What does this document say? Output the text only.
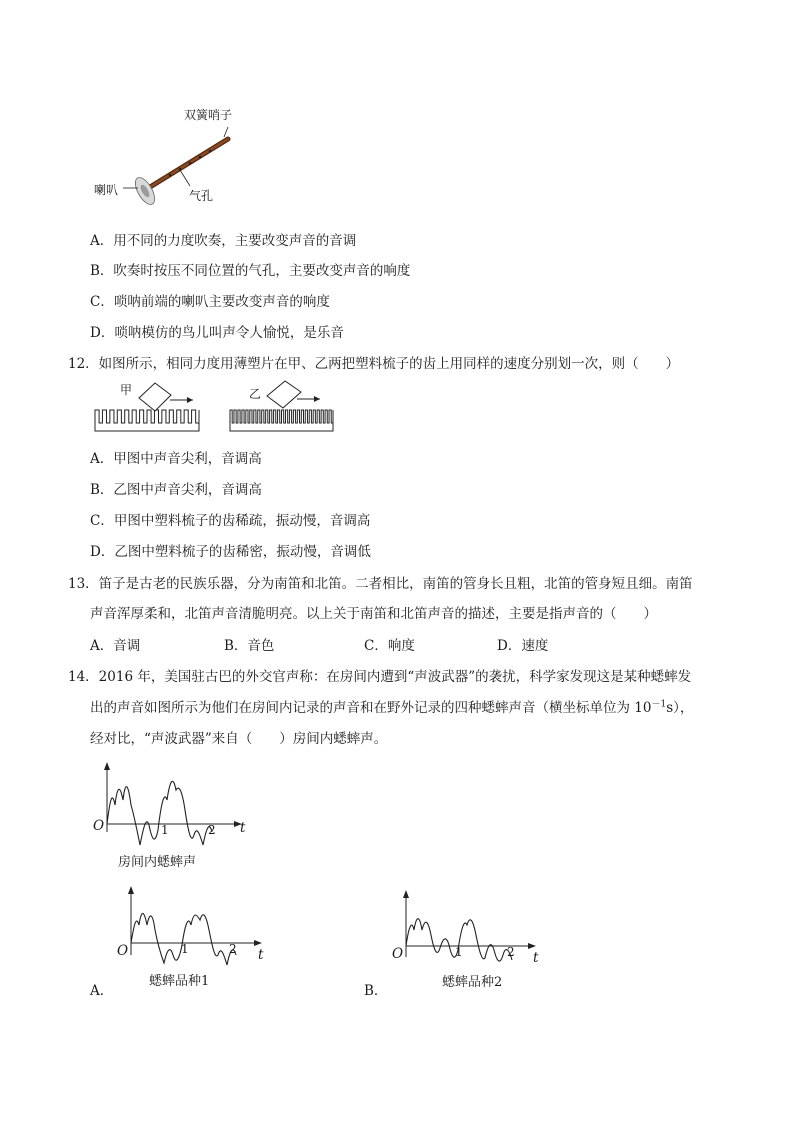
双簧哨子
喇叭	气孔
A．用不同的力度吹奏，主要改变声音的音调
B．吹奏时按压不同位置的气孔，主要改变声音的响度
C．唢呐前端的喇叭主要改变声音的响度
D．唢呐模仿的鸟儿叫声令人愉悦，是乐音
12．如图所示，相同力度用薄塑片在甲、乙两把塑料梳子的齿上用同样的速度分别划一次，则（　　）
甲	乙
A．甲图中声音尖利，音调高
B．乙图中声音尖利，音调高
C．甲图中塑料梳子的齿稀疏，振动慢，音调高
D．乙图中塑料梳子的齿稀密，振动慢，音调低
13．笛子是古老的民族乐器，分为南笛和北笛。二者相比，南笛的管身长且粗，北笛的管身短且细。南笛
声音浑厚柔和，北笛声音清脆明亮。以上关于南笛和北笛声音的描述，主要是指声音的（　　）
A．音调	B．音色	C．响度	D．速度
14．2016 年，美国驻古巴的外交官声称：在房间内遭到“声波武器”的袭扰，科学家发现这是某种蟋蟀发
出的声音如图所示为他们在房间内记录的声音和在野外记录的四种蟋蟀声音（横坐标单位为 $10^{-1}s$），
经对比，“声波武器”来自（　　）房间内蟋蟀声。
O	t
1	2
房间内蟋蟀声
A．
O	t
1	2
蟋蟀品种1
B．
O	t
1	2
蟋蟀品种2
